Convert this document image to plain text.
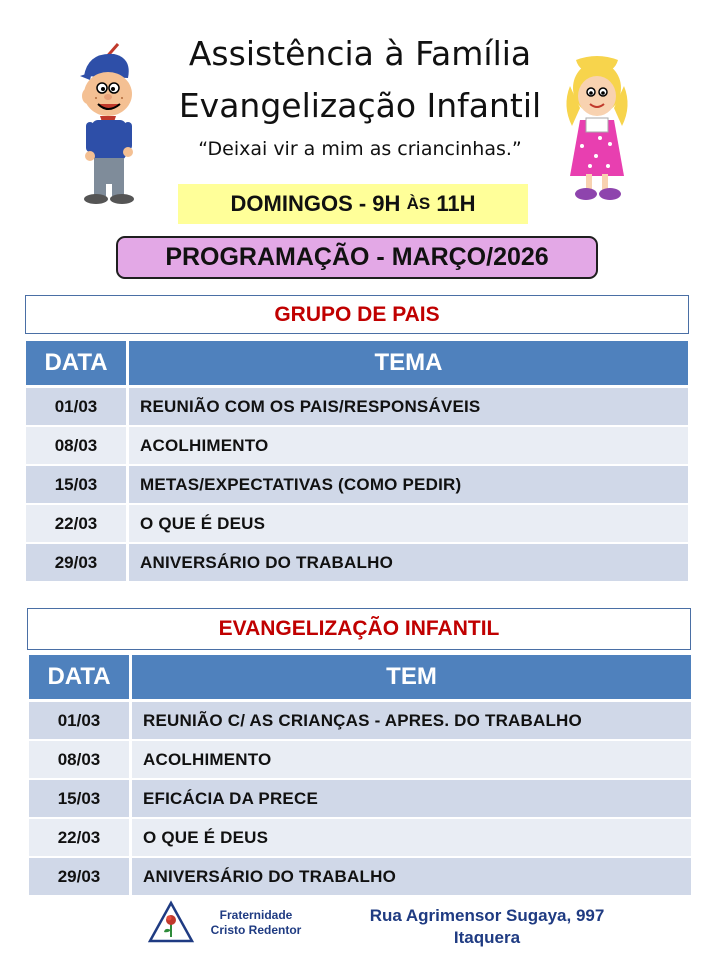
Assistência à Família
Evangelização Infantil
“Deixai vir a mim as criancinhas.”
DOMINGOS - 9H
ÀS
11H
PROGRAMAÇÃO - MARÇO/2026
GRUPO DE PAIS
DATA	TEMA
01/03	REUNIÃO COM OS PAIS/RESPONSÁVEIS
08/03	ACOLHIMENTO
15/03	METAS/EXPECTATIVAS (COMO PEDIR)
22/03	O QUE É DEUS
29/03	ANIVERSÁRIO DO TRABALHO
EVANGELIZAÇÃO INFANTIL
DATA	TEM
01/03	REUNIÃO C/ AS CRIANÇAS - APRES. DO TRABALHO
08/03	ACOLHIMENTO
15/03	EFICÁCIA DA PRECE
22/03	O QUE É DEUS
29/03	ANIVERSÁRIO DO TRABALHO
Fraternidade
Cristo Redentor
Rua Agrimensor Sugaya, 997
Itaquera
